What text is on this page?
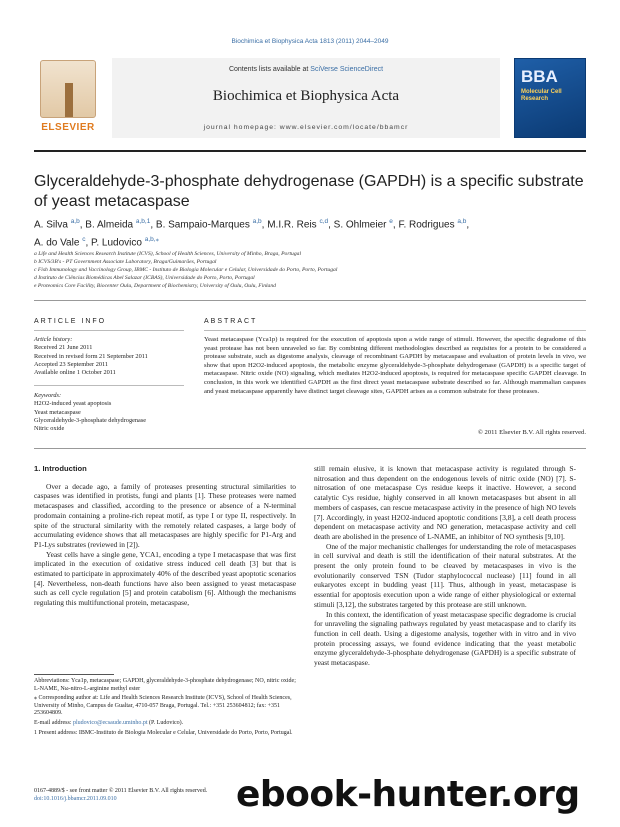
Biochimica et Biophysica Acta 1813 (2011) 2044–2049
ELSEVIER
Contents lists available at SciVerse ScienceDirect
Biochimica et Biophysica Acta
journal homepage: www.elsevier.com/locate/bbamcr
BBA
Molecular Cell Research
Glyceraldehyde-3-phosphate dehydrogenase (GAPDH) is a specific substrate of yeast metacaspase
A. Silva $^{a,b}$, B. Almeida $^{a,b,1}$, B. Sampaio-Marques $^{a,b}$, M.I.R. Reis $^{c,d}$, S. Ohlmeier $^e$, F. Rodrigues $^{a,b}$,
A. do Vale $^c$, P. Ludovico $^{a,b,⁎}$
a Life and Health Sciences Research Institute (ICVS), School of Health Sciences, University of Minho, Braga, Portugal
b ICVS/3B's - PT Government Associate Laboratory, Braga/Guimarães, Portugal
c Fish Immunology and Vaccinology Group, IBMC - Instituto de Biologia Molecular e Celular, Universidade do Porto, Porto, Portugal
d Instituto de Ciências Biomédicas Abel Salazar (ICBAS), Universidade do Porto, Porto, Portugal
e Proteomics Core Facility, Biocenter Oulu, Department of Biochemistry, University of Oulu, Oulu, Finland
ARTICLE INFO	ABSTRACT
Article history:
Received 21 June 2011
Received in revised form 21 September 2011
Accepted 23 September 2011
Available online 1 October 2011
Keywords:
H2O2-induced yeast apoptosis
Yeast metacaspase
Glyceraldehyde-3-phosphate dehydrogenase
Nitric oxide
Yeast metacaspase (Yca1p) is required for the execution of apoptosis upon a wide range of stimuli. However, the specific degradome of this yeast protease has not been unraveled so far. By combining different methodologies described as requisites for a protein to be considered a protease substrate, such as digestome analysis, cleavage of recombinant GAPDH by metacaspase and evaluation of protein levels in vivo, we show that upon H2O2-induced apoptosis, the metabolic enzyme glyceraldehyde-3-phosphate dehydrogenase (GAPDH) is a specific target of metacaspase. Nitric oxide (NO) signaling, which mediates H2O2-induced apoptosis, is required for metacaspase specific GAPDH cleavage. In conclusion, in this work we identified GAPDH as the first direct yeast metacaspase substrate described so far. Although mammalian caspases and yeast metacaspase apparently have distinct target cleavage sites, GAPDH arises as a common substrate for these proteases.
© 2011 Elsevier B.V. All rights reserved.
1. Introduction

Over a decade ago, a family of proteases presenting structural similarities to caspases was identified in protists, fungi and plants [1]. These proteases were named metacaspases and classified, according to the presence or absence of a N-terminal prodomain containing a proline-rich repeat motif, as type I or type II, respectively. In spite of the structural similarity with the remotely related caspases, a large body of accumulating evidence shows that all metacaspases are highly specific for P1-Arg and P1-Lys substrates (reviewed in [2]).

Yeast cells have a single gene, YCA1, encoding a type I metacaspase that was first implicated in the execution of oxidative stress induced cell death [3] but that is estimated to participate in approximately 40% of the described yeast apoptotic scenarios [4]. Nevertheless, non-death functions have also been assigned to yeast metacaspase such as cell cycle regulation [5] and protein catabolism [6]. Although the mechanisms regulating this multifunctional protein, metacaspase,

still remain elusive, it is known that metacaspase activity is regulated through S-nitrosation and thus dependent on the endogenous levels of nitric oxide (NO) [7]. S-nitrosation of one metacaspase Cys residue keeps it inactive. However, a second catalytic Cys residue, highly conserved in all known metacaspases but absent in all members of caspases, can rescue metacaspase activity in the presence of high NO levels [7]. Accordingly, in yeast H2O2-induced apoptotic conditions [3,8], a cell death process dependent on metacaspase activity and NO generation, metacaspase activity and cell death are abolished in the presence of L-NAME, an inhibitor of NO synthesis [9,10].

One of the major mechanistic challenges for understanding the role of metacaspases in cell survival and death is still the identification of their natural substrates. At the present the only protein found to be cleaved by metacaspases in vivo is the evolutionarily conserved TSN (Tudor staphylococcal nuclease) [11] found in all eukaryotes except in budding yeast [11]. Thus, although in yeast, metacaspase is essential for apoptosis execution upon a wide range of either physiological or external stimuli [3,12], the substrates targeted by this protease are still unknown.

In this context, the identification of yeast metacaspase specific degradome is crucial for unraveling the signaling pathways regulated by yeast metacaspase and to clarify its function in cell death. Using a digestome analysis, together with in vitro and in vivo protein processing assays, we found evidence indicating that the yeast metabolic enzyme glyceraldehyde-3-phosphate dehydrogenase (GAPDH) is a specific substrate of yeast metacaspase.

Abbreviations: Yca1p, metacaspase; GAPDH, glyceraldehyde-3-phosphate dehydrogenase; NO, nitric oxide; L-NAME, Nω-nitro-L-arginine methyl ester

⁎ Corresponding author at: Life and Health Sciences Research Institute (ICVS), School of Health Sciences, University of Minho, Campus de Gualtar, 4710-057 Braga, Portugal. Tel.: +351 253604812; fax: +351 253604809.

E-mail address: pludovico@ecsaude.uminho.pt (P. Ludovico).

1 Present address: IBMC-Instituto de Biologia Molecular e Celular, Universidade do Porto, Porto, Portugal.

0167-4889/$ - see front matter © 2011 Elsevier B.V. All rights reserved.
doi:10.1016/j.bbamcr.2011.09.010	ebook-hunter.org
